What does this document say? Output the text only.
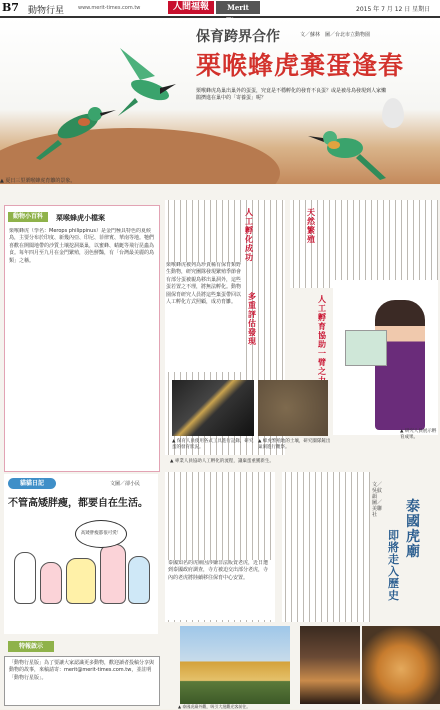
B7 動物行星	www.merit-times.com.tw	人間福報	Merit	2015 年 7 月 12 日 星期日
保育跨界合作	文／蘇林　圖／台北市立動物園
栗喉蜂虎棄蛋逢春
栗喉蜂虎鳥巢出巢外的蛋蛋，究竟是不穩孵化的發育不良蛋？或是被母鳥發現到人家懶鵑擠進在巢中的「寄養蛋」呢？
▲ 夏日三里栗喉蜂虎育雛的景象。
栗喉蜂虎（學名：Merops philippinus）是金門極具特色的夏候鳥，主要分布於印度、新幾內亞、印尼、菲律賓、華南等地。牠們喜歡在開闊地帶的沙質土壤挖洞築巢，以蜜蜂、蜻蜓等飛行昆蟲為食。每年四月至九月在金門繁殖，羽色鮮豔，有「台灣最美麗的鳥類」之稱。
動物小百科	栗喉蜂虎小檔案
栗喉蜂虎被列為珍貴稀有保育類野生動物，研究團隊發現繁殖季節會有部分蛋被親鳥移出巢洞外，這些蛋若置之不理，將無法孵化。動物園保育研究人員將這些棄蛋帶回以人工孵化方式照顧，成功育雛。
人工孵化成功
多重評估發現
天然繁殖
人工孵育協助一臂之
▲ 研究人員展示孵育成果。
▲ 保育人員使用各式工具進行記錄，研究蛋的發育狀況。
▲ 蜂虎繁殖地的土壤，研究團隊鏟出巢洞進行觀察。
▲ 專業人員協助人工孵化的流程，讓棄蛋重獲新生。
貓貓日記	文圖／卻小民
不管高矮胖瘦，都要自在生活。
高矮胖瘦都很可愛！
特報啟示
「動物行星版」為了要讓大家認識更多動物，歡迎讀者投稿分享與動物的故事，來稿請寄：merit@merit-times.com.tw，並註明「動物行星版」。
泰國知名的虎廟因涉嫌非法販賣老虎，近日遭到泰國政府調查，寺方被迫交出部分老虎，寺內的老虎將陸續移往保育中心安置。
▲ 泰國虎廟外觀，吸引大批觀光客前往。
文／吳紋韻　圖／美聯社	泰國虎廟
即將走入歷史
